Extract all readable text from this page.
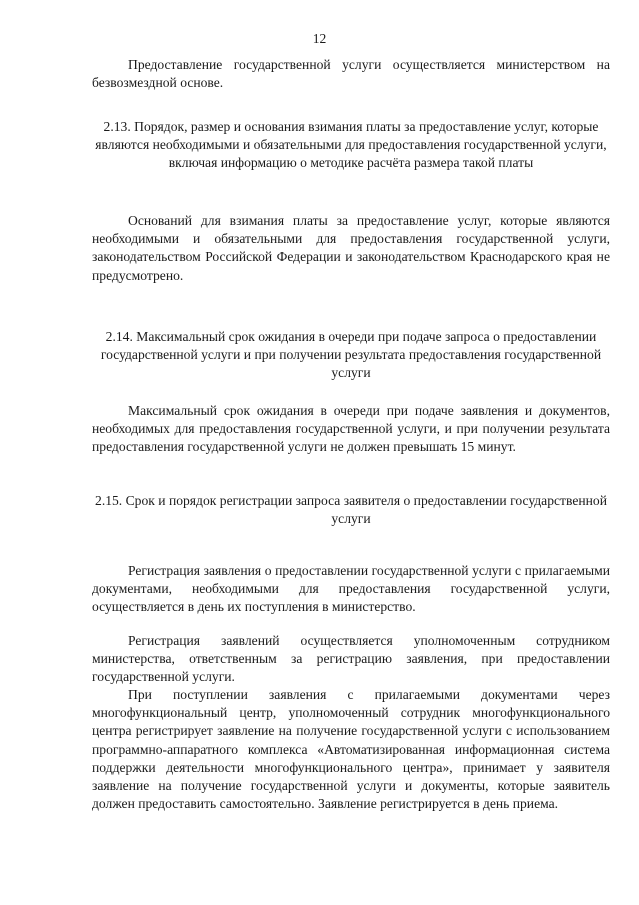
12

Предоставление государственной услуги осуществляется министерством на безвозмездной основе.

2.13. Порядок, размер и основания взимания платы за предоставление услуг, которые являются необходимыми и обязательными для предоставления государственной услуги, включая информацию о методике расчёта размера такой платы

Оснований для взимания платы за предоставление услуг, которые являются необходимыми и обязательными для предоставления государственной услуги, законодательством Российской Федерации и законодательством Краснодарского края не предусмотрено.

2.14. Максимальный срок ожидания в очереди при подаче запроса о предоставлении государственной услуги и при получении результата предоставления государственной услуги

Максимальный срок ожидания в очереди при подаче заявления и документов, необходимых для предоставления государственной услуги, и при получении результата предоставления государственной услуги не должен превышать 15 минут.

2.15. Срок и порядок регистрации запроса заявителя о предоставлении государственной услуги

Регистрация заявления о предоставлении государственной услуги с прилагаемыми документами, необходимыми для предоставления государственной услуги, осуществляется в день их поступления в министерство.

Регистрация заявлений осуществляется уполномоченным сотрудником министерства, ответственным за регистрацию заявления, при предоставлении государственной услуги.

При поступлении заявления с прилагаемыми документами через многофункциональный центр, уполномоченный сотрудник многофункционального центра регистрирует заявление на получение государственной услуги с использованием программно-аппаратного комплекса «Автоматизированная информационная система поддержки деятельности многофункционального центра», принимает у заявителя заявление на получение государственной услуги и документы, которые заявитель должен предоставить самостоятельно. Заявление регистрируется в день приема.
